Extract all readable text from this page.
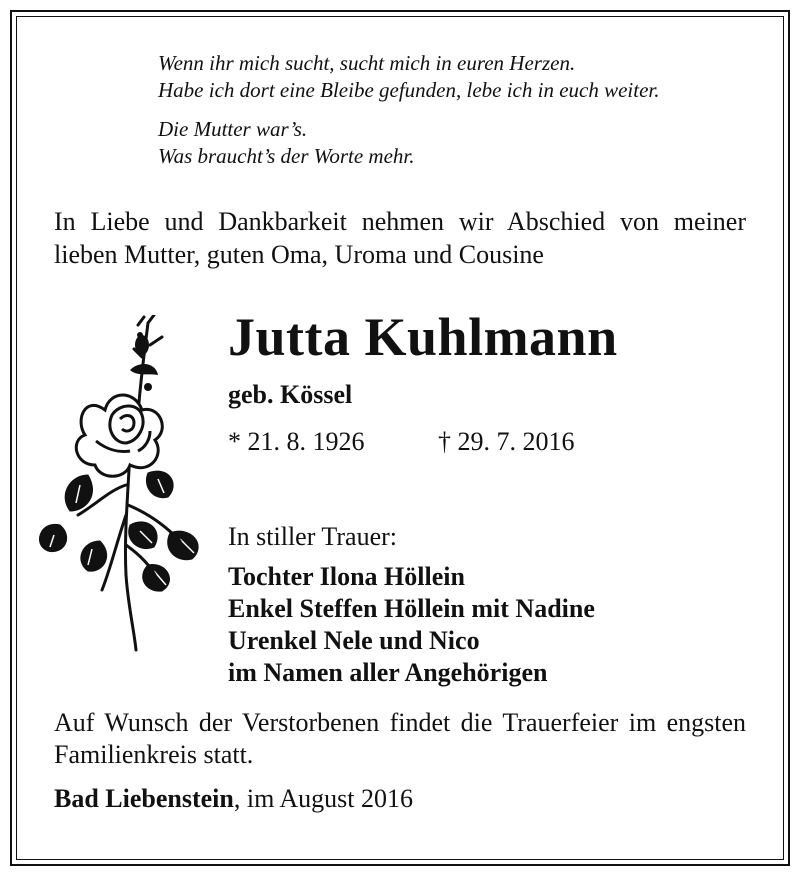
Wenn ihr mich sucht, sucht mich in euren Herzen.
Habe ich dort eine Bleibe gefunden, lebe ich in euch weiter.
Die Mutter war’s.
Was braucht’s der Worte mehr.
In Liebe und Dankbarkeit nehmen wir Abschied von meiner lieben Mutter, guten Oma, Uroma und Cousine
Jutta Kuhlmann
geb. Kössel
* 21. 8. 1926	† 29. 7. 2016
In stiller Trauer:
Tochter Ilona Höllein
Enkel Steffen Höllein mit Nadine
Urenkel Nele und Nico
im Namen aller Angehörigen
Auf Wunsch der Verstorbenen findet die Trauerfeier im engsten Familienkreis statt.
Bad Liebenstein, im August 2016
